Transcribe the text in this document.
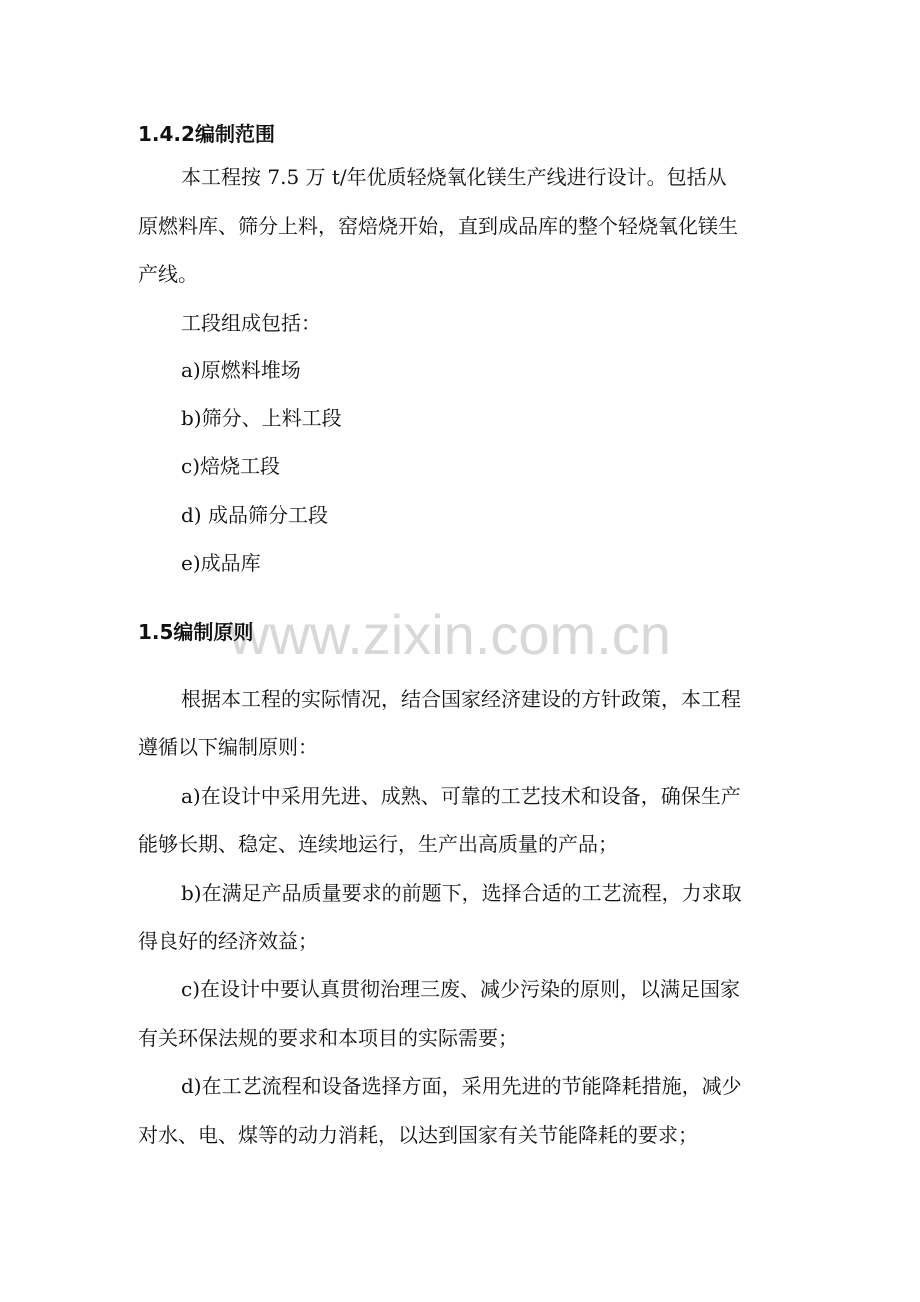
www.zixin.com.cn
1.4.2编制范围
本工程按 7.5 万 t/年优质轻烧氧化镁生产线进行设计。包括从
原燃料库、筛分上料，窑焙烧开始，直到成品库的整个轻烧氧化镁生
产线。
工段组成包括：
a)原燃料堆场
b)筛分、上料工段
c)焙烧工段
d) 成品筛分工段
e)成品库
1.5编制原则
根据本工程的实际情况，结合国家经济建设的方针政策，本工程
遵循以下编制原则：
a)在设计中采用先进、成熟、可靠的工艺技术和设备，确保生产
能够长期、稳定、连续地运行，生产出高质量的产品；
b)在满足产品质量要求的前题下，选择合适的工艺流程，力求取
得良好的经济效益；
c)在设计中要认真贯彻治理三废、减少污染的原则，以满足国家
有关环保法规的要求和本项目的实际需要；
d)在工艺流程和设备选择方面，采用先进的节能降耗措施，减少
对水、电、煤等的动力消耗，以达到国家有关节能降耗的要求；
